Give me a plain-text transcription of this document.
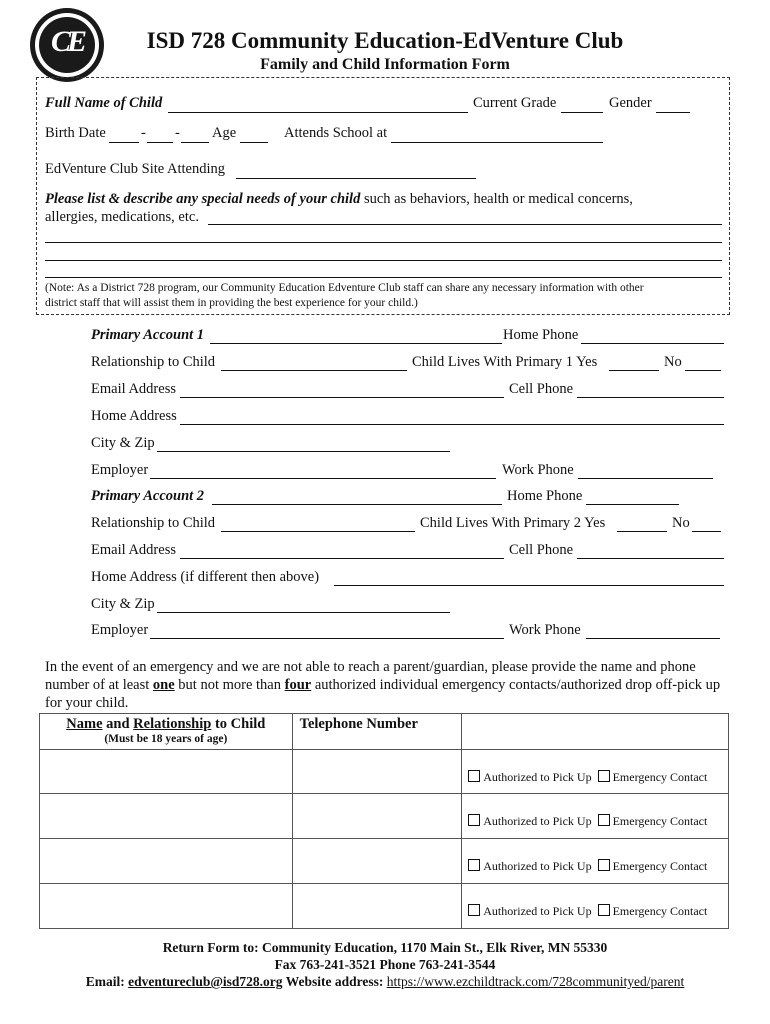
CE	ISD 728 Community Education-EdVenture Club
Family and Child Information Form
Full Name of Child	Current Grade	Gender
Birth Date - - Age	Attends School at
EdVenture Club Site Attending
Please list & describe any special needs of your child such as behaviors, health or medical concerns,
allergies, medications, etc.
(Note: As a District 728 program, our Community Education Edventure Club staff can share any necessary information with other
district staff that will assist them in providing the best experience for your child.)
Primary Account 1	Home Phone
Relationship to Child	Child Lives With Primary 1 Yes	No
Email Address	Cell Phone
Home Address
City & Zip
Employer	Work Phone
Primary Account 2	Home Phone
Relationship to Child	Child Lives With Primary 2 Yes	No
Email Address	Cell Phone
Home Address (if different then above)
City & Zip
Employer	Work Phone
In the event of an emergency and we are not able to reach a parent/guardian, please provide the name and phone number of at least one but not more than four authorized individual emergency contacts/authorized drop off-pick up for your child.
Name and Relationship to Child
(Must be 18 years of age)	Telephone Number	

		Authorized to Pick Up Emergency Contact

		Authorized to Pick Up Emergency Contact

		Authorized to Pick Up Emergency Contact

		Authorized to Pick Up Emergency Contact
Return Form to: Community Education, 1170 Main St., Elk River, MN 55330
Fax 763-241-3521 Phone 763-241-3544
Email: edventureclub@isd728.org Website address: https://www.ezchildtrack.com/728communityed/parent
